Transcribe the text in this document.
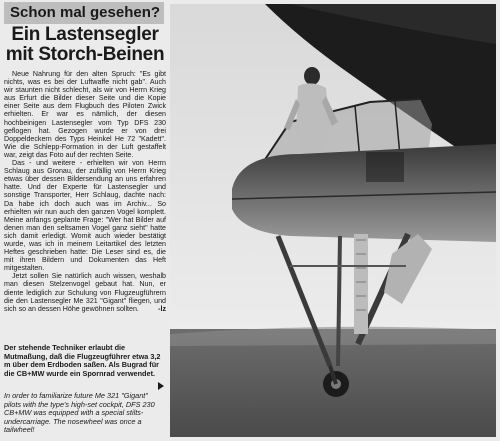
Schon mal gesehen?
Ein Lastensegler
mit Storch-Beinen

Neue Nahrung für den alten Spruch: "Es gibt nichts, was es bei der Luftwaffe nicht gab". Auch wir staunten nicht schlecht, als wir von Herrn Krieg aus Erfurt die Bilder dieser Seite und die Kopie einer Seite aus dem Flugbuch des Piloten Zwick erhielten. Er war es nämlich, der diesen hochbeinigen Lastensegler vom Typ DFS 230 geflogen hat. Gezogen wurde er von drei Doppeldeckern des Typs Heinkel He 72 "Kadett". Wie die Schlepp-Formation in der Luft gestaffelt war, zeigt das Foto auf der rechten Seite.

Das - und weitere - erhielten wir von Herrn Schlaug aus Gronau, der zufällig von Herrn Krieg etwas über dessen Bildersendung an uns erfahren hatte. Und der Experte für Lastensegler und sonstige Transporter, Herr Schlaug, dachte nach: Da habe ich doch auch was im Archiv... So erhielten wir nun auch den ganzen Vogel komplett. Meine anfangs geplante Frage: "Wer hat Bilder auf denen man den seltsamen Vogel ganz sieht" hatte sich damit erledigt. Womit auch wieder bestätigt wurde, was ich in meinem Leitartikel des letzten Heftes geschrieben hatte: Die Leser sind es, die mit ihren Bildern und Dokumenten das Heft mitgestalten.

Jetzt sollen Sie natürlich auch wissen, weshalb man diesen Stelzenvogel gebaut hat. Nun, er diente lediglich zur Schulung von Flugzeugführern die den Lastensegler Me 321 "Gigant" fliegen, und sich so an dessen Höhe gewöhnen sollten.	-lz

Der stehende Techniker erlaubt die Mutmaßung, daß die Flugzeugführer etwa 3,2 m über dem Erdboden saßen. Als Bugrad für die CB+MW wurde ein Spornrad verwendet.
In order to familiarize future Me 321 "Gigant" pilots with the type's high-set cockpit, DFS 230 CB+MW was equipped with a special stilts-undercarriage. The nosewheel was once a tailwheel!
